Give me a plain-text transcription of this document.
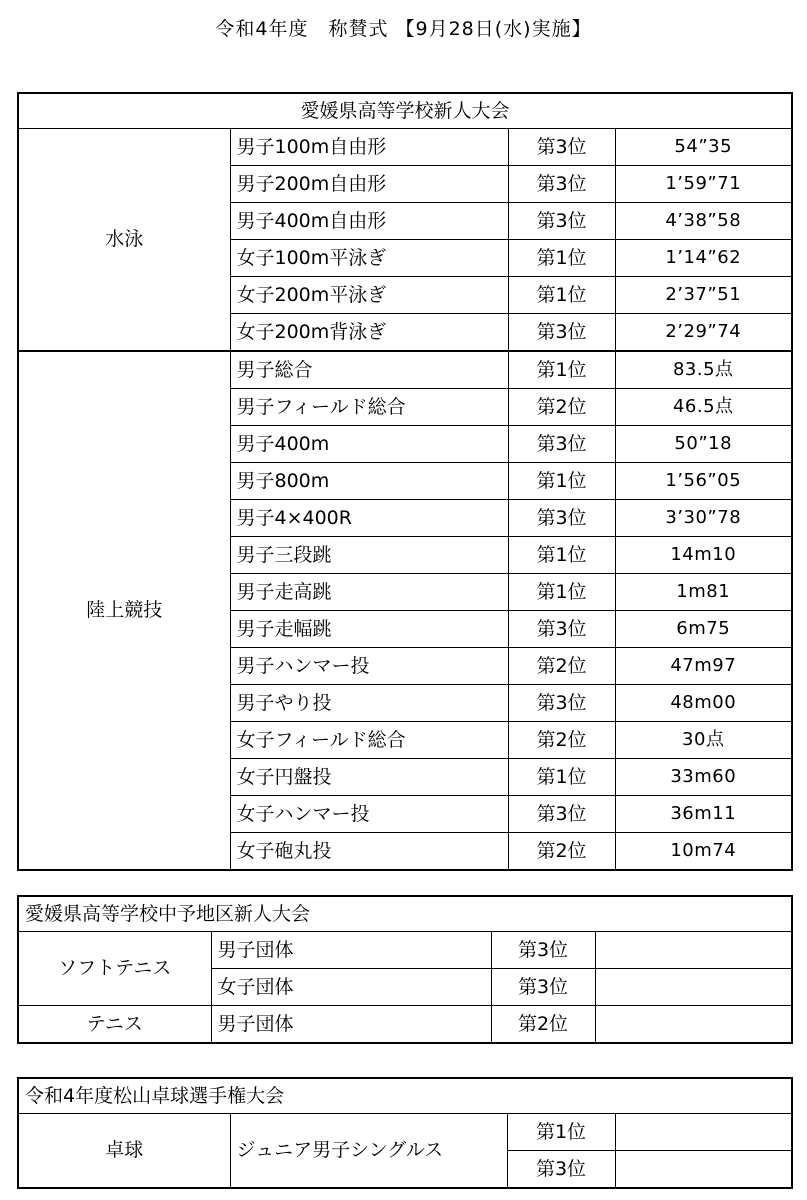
令和4年度　称賛式 【9月28日(水)実施】
愛媛県高等学校新人大会			
水泳	男子100m自由形	第3位	54”35
	男子200m自由形	第3位	1’59”71
	男子400m自由形	第3位	4’38”58
	女子100m平泳ぎ	第1位	1’14”62
	女子200m平泳ぎ	第1位	2’37”51
	女子200m背泳ぎ	第3位	2’29”74
陸上競技	男子総合	第1位	83.5点
	男子フィールド総合	第2位	46.5点
	男子400m	第3位	50”18
	男子800m	第1位	1’56”05
	男子4×400R	第3位	3’30”78
	男子三段跳	第1位	14m10
	男子走高跳	第1位	1m81
	男子走幅跳	第3位	6m75
	男子ハンマー投	第2位	47m97
	男子やり投	第3位	48m00
	女子フィールド総合	第2位	30点
	女子円盤投	第1位	33m60
	女子ハンマー投	第3位	36m11
	女子砲丸投	第2位	10m74
愛媛県高等学校中予地区新人大会			
ソフトテニス	男子団体	第3位	
	女子団体	第3位	
テニス	男子団体	第2位	
令和4年度松山卓球選手権大会			
卓球	ジュニア男子シングルス	第1位	
		第3位	
